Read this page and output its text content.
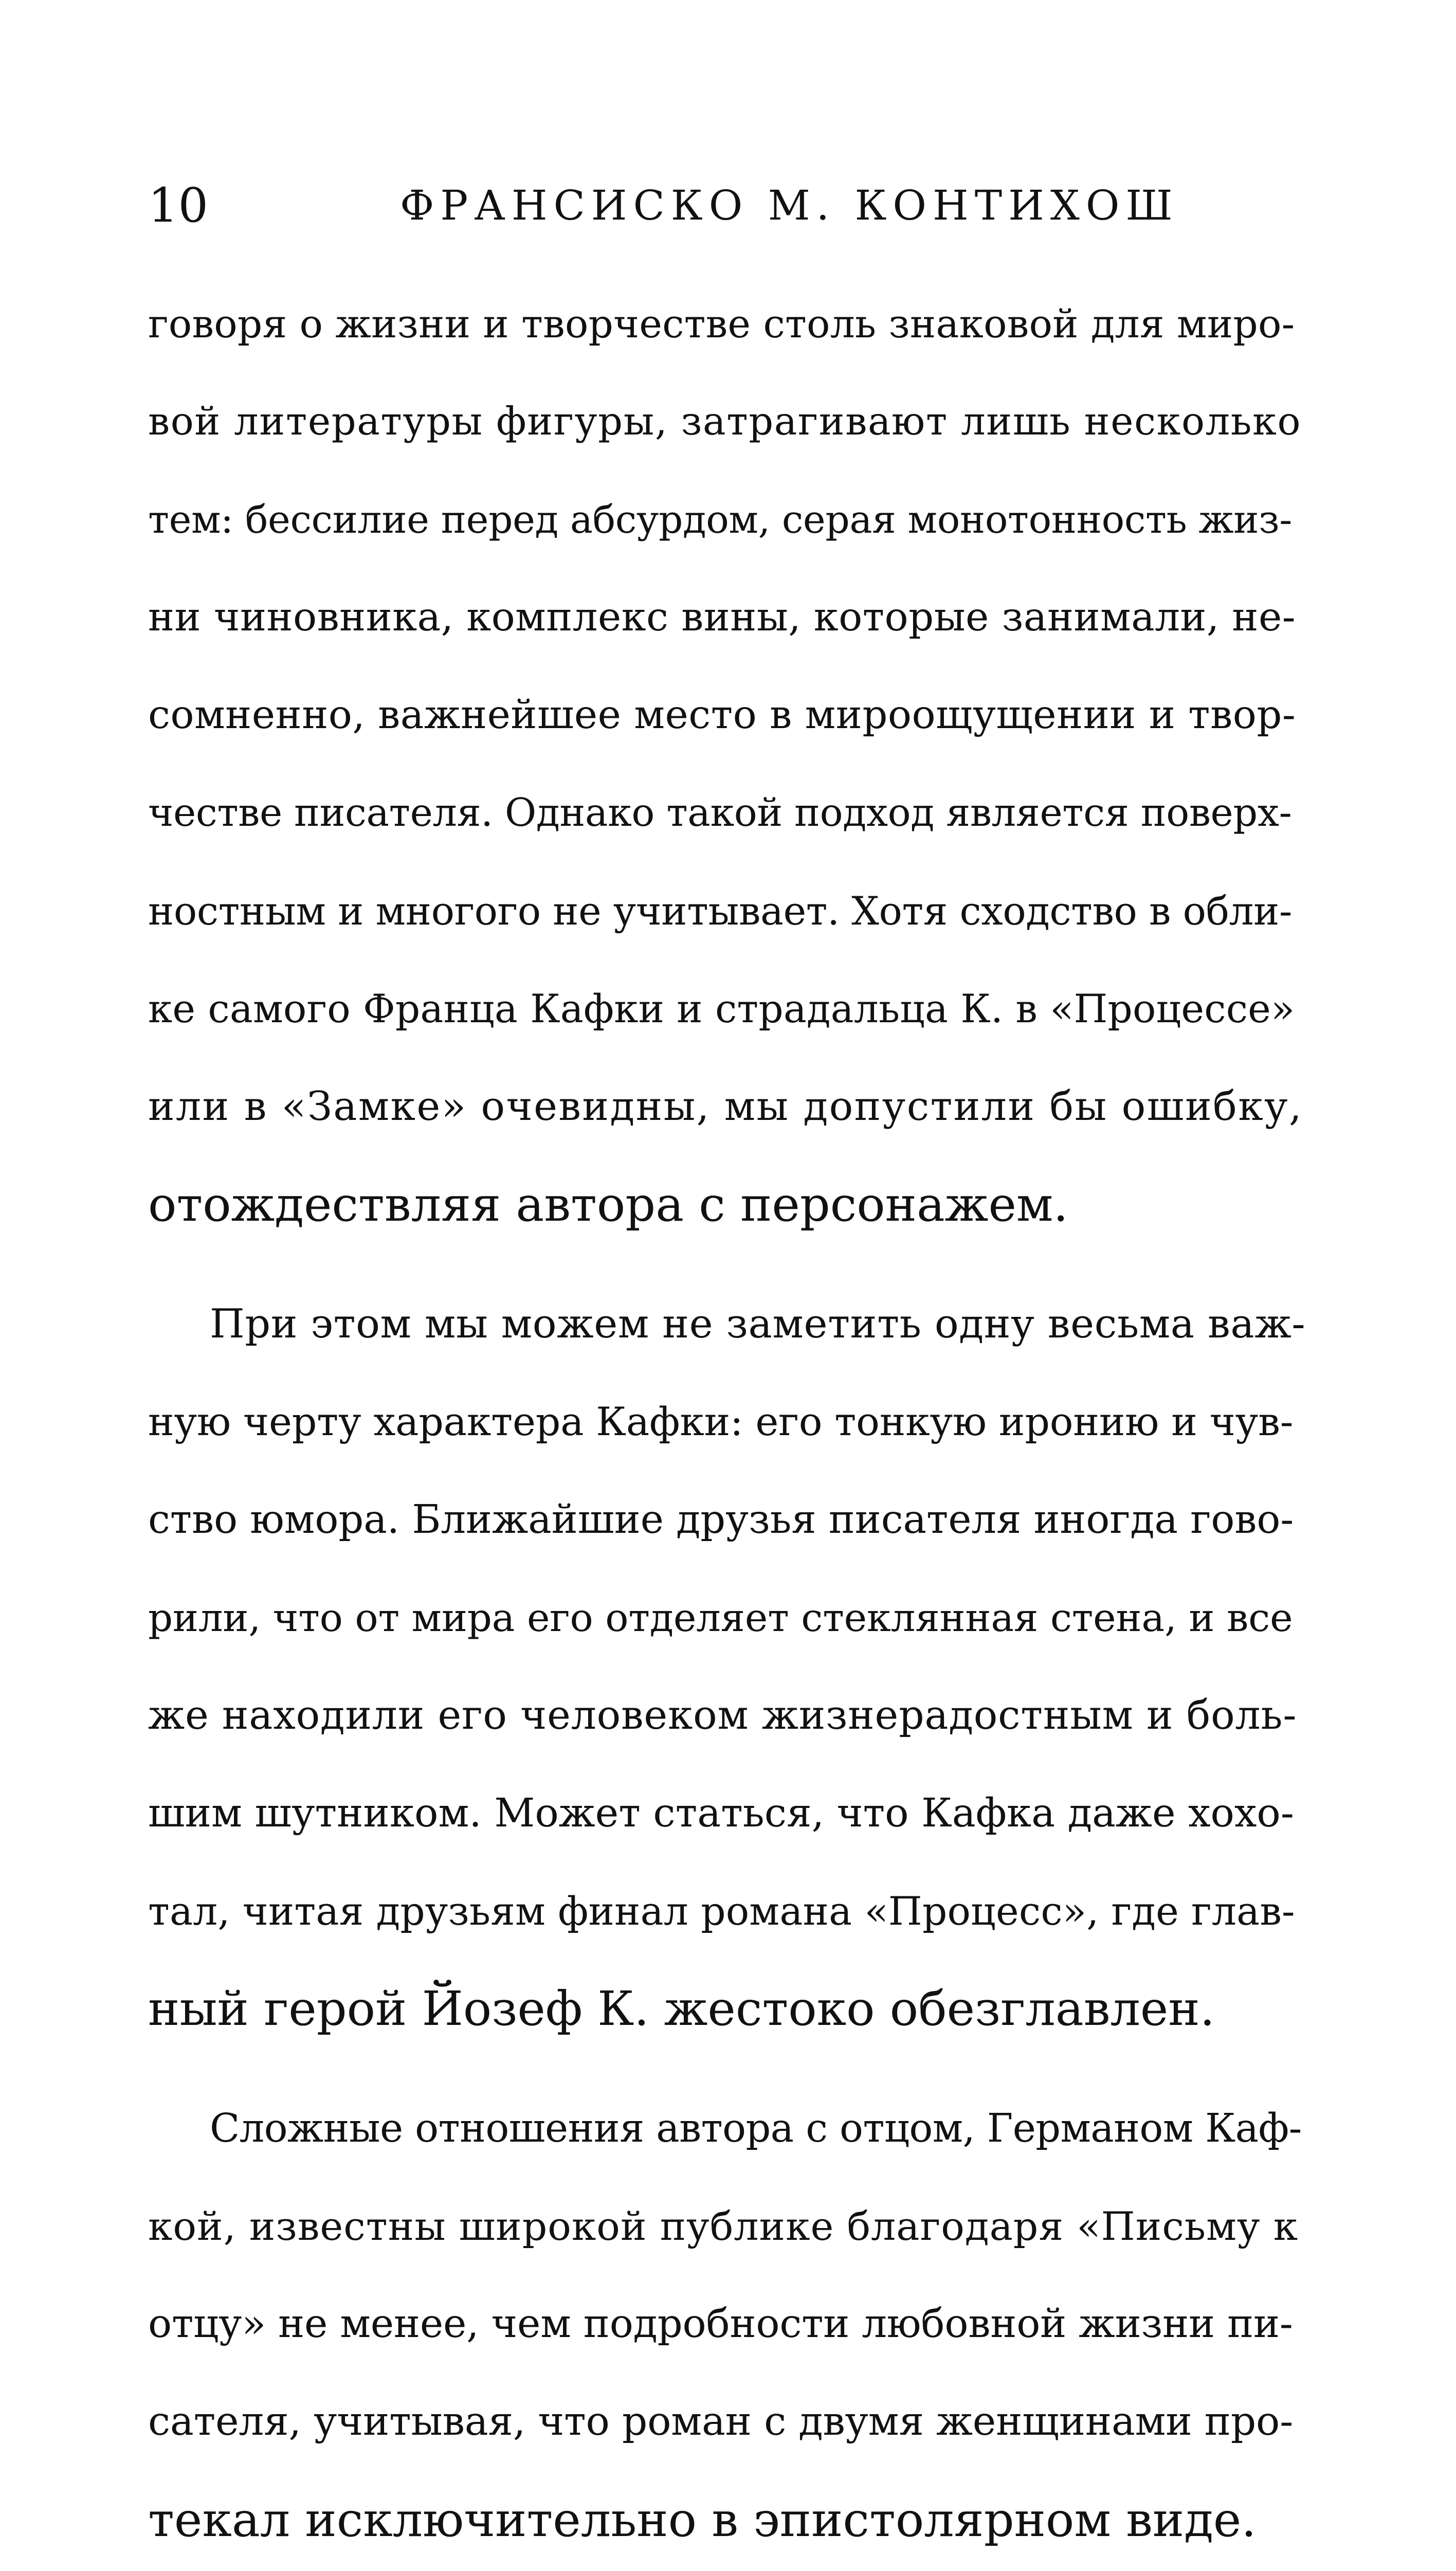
10	ФРАНСИСКО М. КОНТИХОШ
говоря о жизни и творчестве столь знаковой для миро-
вой литературы фигуры, затрагивают лишь несколько
тем: бессилие перед абсурдом, серая монотонность жиз-
ни чиновника, комплекс вины, которые занимали, не-
сомненно, важнейшее место в мироощущении и твор-
честве писателя. Однако такой подход является поверх-
ностным и многого не учитывает. Хотя сходство в обли-
ке самого Франца Кафки и страдальца К. в «Процессе»
или в «Замке» очевидны, мы допустили бы ошибку,
отождествляя автора с персонажем.
При этом мы можем не заметить одну весьма важ-
ную черту характера Кафки: его тонкую иронию и чув-
ство юмора. Ближайшие друзья писателя иногда гово-
рили, что от мира его отделяет стеклянная стена, и все
же находили его человеком жизнерадостным и боль-
шим шутником. Может статься, что Кафка даже хохо-
тал, читая друзьям финал романа «Процесс», где глав-
ный герой Йозеф К. жестоко обезглавлен.
Сложные отношения автора с отцом, Германом Каф-
кой, известны широкой публике благодаря «Письму к
отцу» не менее, чем подробности любовной жизни пи-
сателя, учитывая, что роман с двумя женщинами про-
текал исключительно в эпистолярном виде.
